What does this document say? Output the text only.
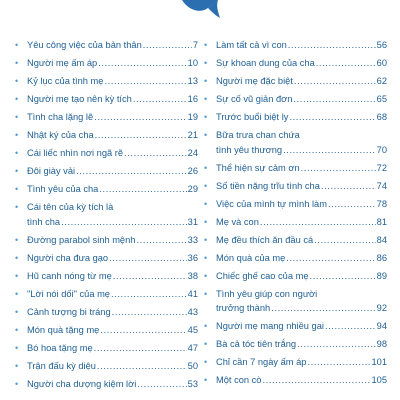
• Yêu công việc của bản thân .....	7
• Người mẹ ấm áp .....	10
• Kỷ lục của tình mẹ .....	13
• Người mẹ tạo nên kỳ tích .....	16
• Tình cha lặng lẽ .....	19
• Nhật ký của cha .....	21
• Cái liếc nhìn nơi ngã rẽ .....	24
• Đôi giày vải .....	26
• Tình yêu của cha .....	29
• Cái tên của kỳ tích là
tình cha .....	31
• Đường parabol sinh mệnh .....	33
• Người cha đưa gạo .....	36
• Hũ canh nóng từ mẹ .....	38
• "Lời nói dối" của mẹ .....	41
• Cảnh tượng bi tráng .....	43
• Món quà tặng mẹ .....	45
• Bó hoa tặng mẹ .....	47
• Trận đấu kỳ diệu .....	50
• Người cha dượng kiệm lời .....	53
• Làm tất cả vì con .....	56
• Sự khoan dung của cha .....	60
• Người mẹ đặc biệt .....	62
• Sự cố vũ giản đơn .....	65
• Trước buổi biệt ly .....	68
• Bữa trưa chan chứa
tình yêu thương .....	70
• Thể hiện sự cảm ơn .....	72
• Số tiền nặng trĩu tình cha .....	74
• Việc của mình tự mình làm .....	78
• Mẹ và con .....	81
• Mẹ đều thích ăn đầu cá .....	84
• Món quà của mẹ .....	86
• Chiếc ghế cao của mẹ .....	89
• Tình yêu giúp con người
trưởng thành .....	92
• Người mẹ mang nhiều gai .....	94
• Bà cả tóc tiên trắng .....	98
• Chỉ cần 7 ngày ấm áp .....	101
• Một con cò .....	105
